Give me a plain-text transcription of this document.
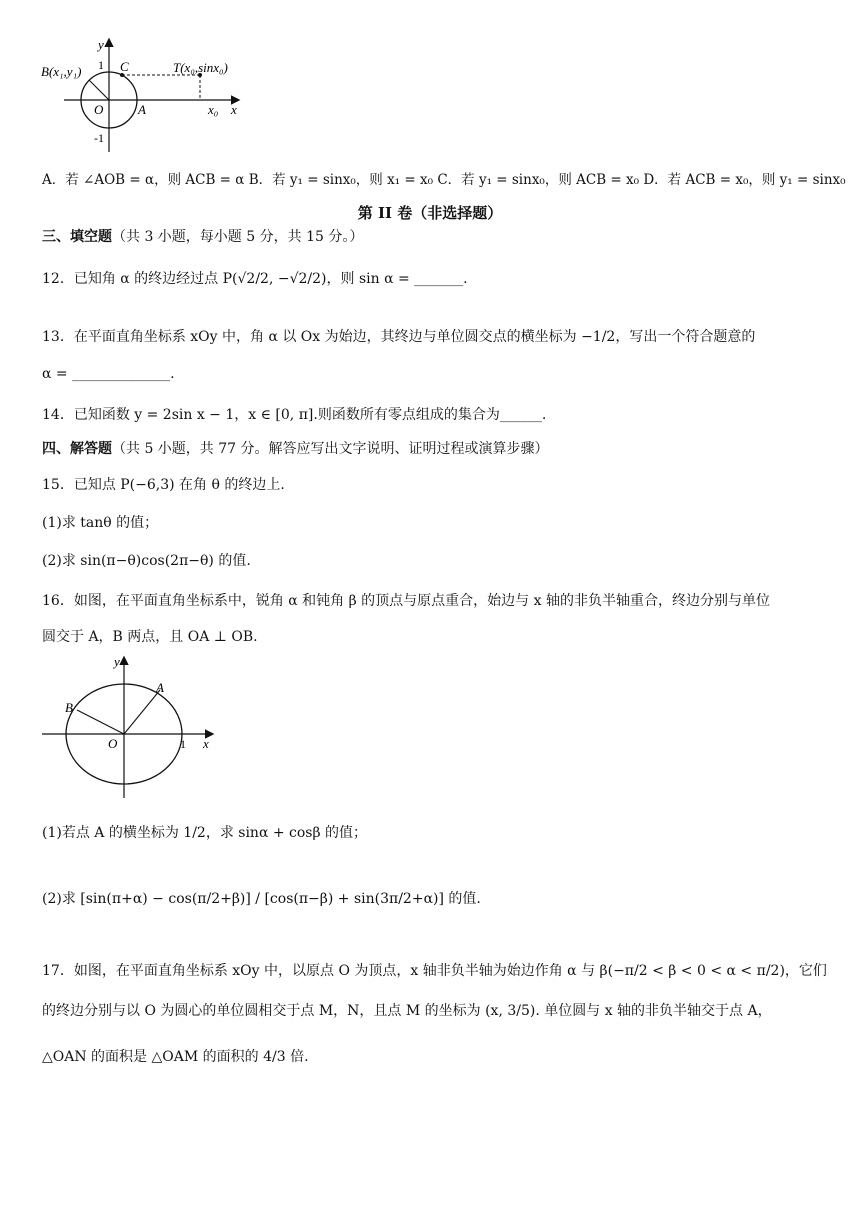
y
x
1
-1
B(x₁,y₁)	C	T(x₀,sinx₀)
O	A	x₀
A．若 ∠AOB = α，则 ACB = α B．若 y₁ = sinx₀，则 x₁ = x₀ C．若 y₁ = sinx₀，则 ACB = x₀ D．若 ACB = x₀，则 y₁ = sinx₀
第 II 卷（非选择题）
三、填空题（共 3 小题，每小题 5 分，共 15 分。）
12．已知角 α 的终边经过点 P(√2/2, −√2/2)，则 sin α = _______.
13．在平面直角坐标系 xOy 中，角 α 以 Ox 为始边，其终边与单位圆交点的横坐标为 −1/2，写出一个符合题意的
α = ______________.
14．已知函数 y = 2sin x − 1，x ∈ [0, π].则函数所有零点组成的集合为______.
四、解答题（共 5 小题，共 77 分。解答应写出文字说明、证明过程或演算步骤）
15．已知点 P(−6,3) 在角 θ 的终边上.
(1)求 tanθ 的值；
(2)求 sin(π−θ)cos(2π−θ) 的值.
16．如图，在平面直角坐标系中，锐角 α 和钝角 β 的顶点与原点重合，始边与 x 轴的非负半轴重合，终边分别与单位
圆交于 A，B 两点，且 OA ⊥ OB.
y
x
A
B
O	1
(1)若点 A 的横坐标为 1/2，求 sinα + cosβ 的值；
(2)求 [sin(π+α) − cos(π/2+β)] / [cos(π−β) + sin(3π/2+α)] 的值.
17．如图，在平面直角坐标系 xOy 中，以原点 O 为顶点，x 轴非负半轴为始边作角 α 与 β(−π/2 < β < 0 < α < π/2)，它们
的终边分别与以 O 为圆心的单位圆相交于点 M，N，且点 M 的坐标为 (x, 3/5). 单位圆与 x 轴的非负半轴交于点 A，
△OAN 的面积是 △OAM 的面积的 4/3 倍.
